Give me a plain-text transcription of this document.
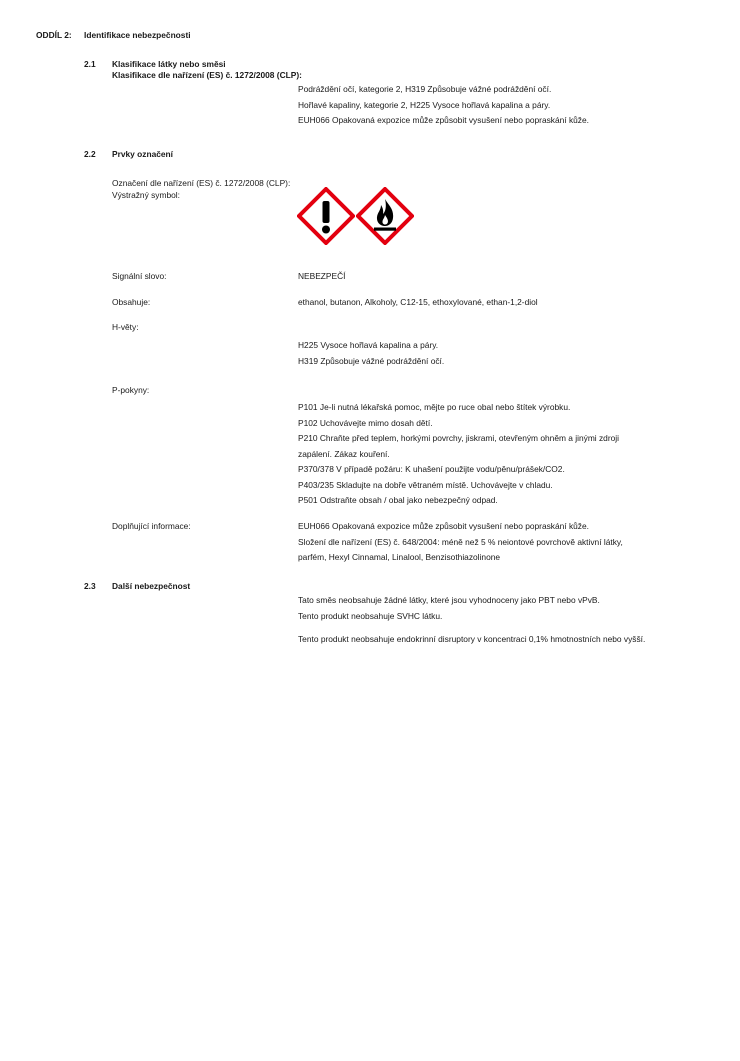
ODDÍL 2: Identifikace nebezpečnosti
2.1 Klasifikace látky nebo směsi
Klasifikace dle nařízení (ES) č. 1272/2008 (CLP):
Podráždění očí, kategorie 2, H319 Způsobuje vážné podráždění očí.
Hořlavé kapaliny, kategorie 2, H225 Vysoce hořlavá kapalina a páry.
EUH066 Opakovaná expozice může způsobit vysušení nebo popraskání kůže.
2.2 Prvky označení
Označení dle nařízení (ES) č. 1272/2008 (CLP):
Výstražný symbol:
Signální slovo:	NEBEZPEČÍ
Obsahuje:	ethanol, butanon, Alkoholy, C12-15, ethoxylované, ethan-1,2-diol
H-věty:
H225 Vysoce hořlavá kapalina a páry.
H319 Způsobuje vážné podráždění očí.
P-pokyny:
P101 Je-li nutná lékařská pomoc, mějte po ruce obal nebo štítek výrobku.
P102 Uchovávejte mimo dosah dětí.
P210 Chraňte před teplem, horkými povrchy, jiskrami, otevřeným ohněm a jinými zdroji
zapálení. Zákaz kouření.
P370/378 V případě požáru: K uhašení použijte vodu/pěnu/prášek/CO2.
P403/235 Skladujte na dobře větraném místě. Uchovávejte v chladu.
P501 Odstraňte obsah / obal jako nebezpečný odpad.
Doplňující informace:	EUH066 Opakovaná expozice může způsobit vysušení nebo popraskání kůže.
Složení dle nařízení (ES) č. 648/2004: méně než 5 % neiontové povrchově aktivní látky,
parfém, Hexyl Cinnamal, Linalool, Benzisothiazolinone
2.3 Další nebezpečnost
Tato směs neobsahuje žádné látky, které jsou vyhodnoceny jako PBT nebo vPvB.
Tento produkt neobsahuje SVHC látku.
Tento produkt neobsahuje endokrinní disruptory v koncentraci 0,1% hmotnostních nebo vyšší.
